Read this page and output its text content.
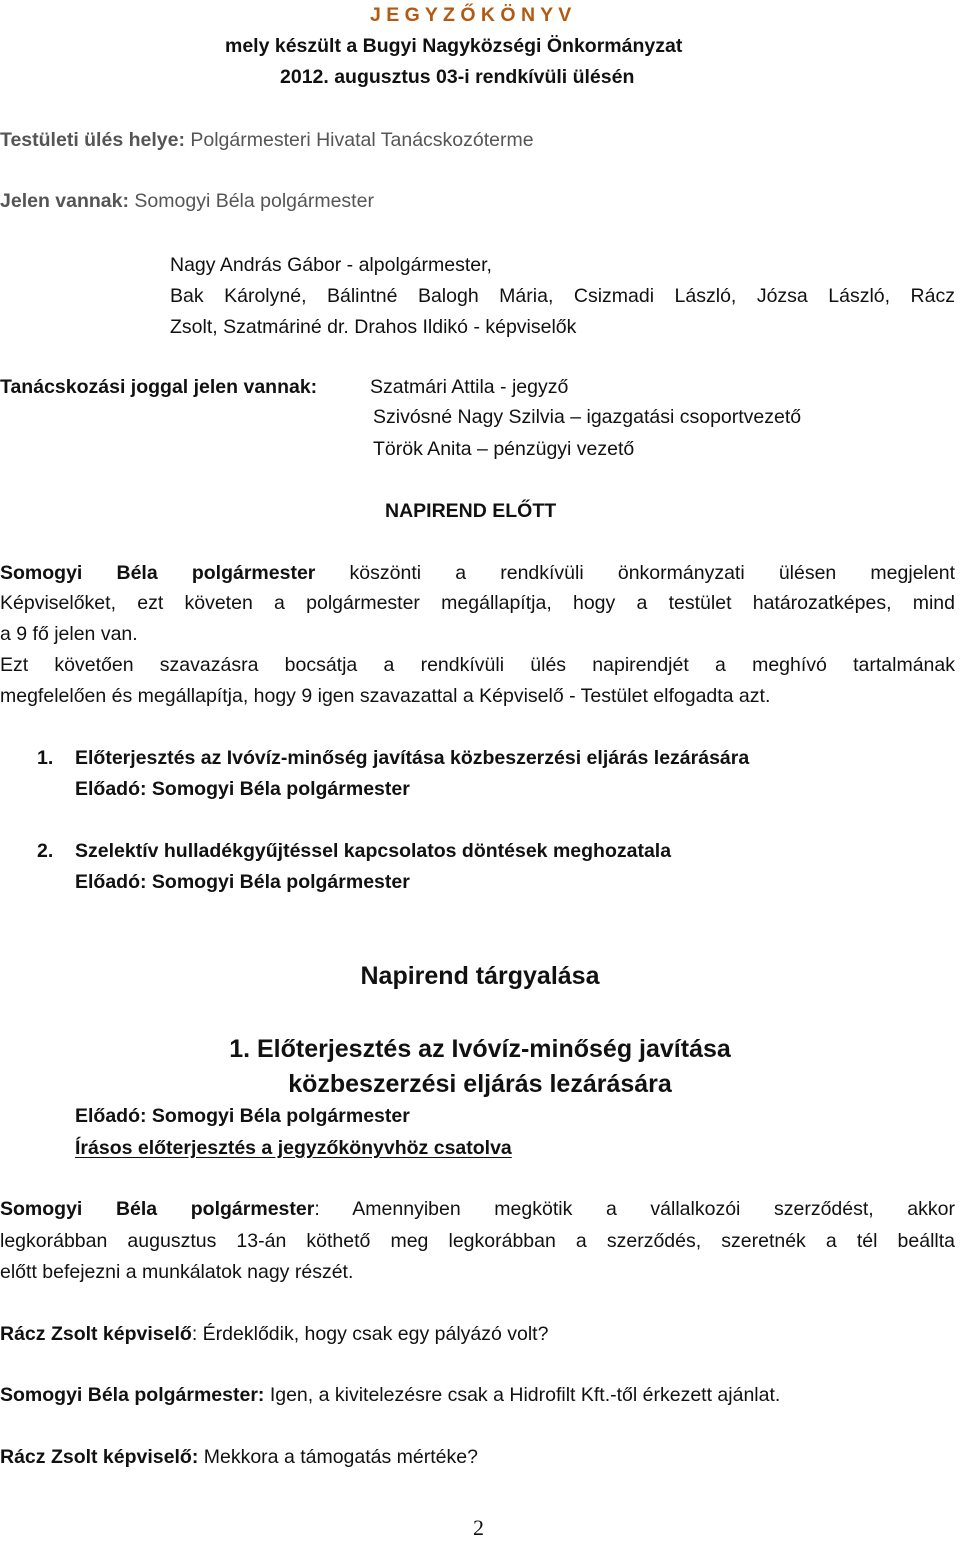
J E G Y Z Ő K Ö N Y V
mely készült a Bugyi Nagyközségi Önkormányzat
2012. augusztus 03-i rendkívüli ülésén
Testületi ülés helye: Polgármesteri Hivatal Tanácskozóterme
Jelen vannak: Somogyi Béla polgármester
Nagy András Gábor - alpolgármester,
Bak Károlyné, Bálintné Balogh Mária, Csizmadi László, Józsa László, Rácz
Zsolt, Szatmáriné dr. Drahos Ildikó - képviselők
Tanácskozási joggal jelen vannak:	Szatmári Attila - jegyző
Szivósné Nagy Szilvia – igazgatási csoportvezető
Török Anita – pénzügyi vezető
NAPIREND ELŐTT
Somogyi Béla polgármester köszönti a rendkívüli önkormányzati ülésen megjelent
Képviselőket, ezt követen a polgármester megállapítja, hogy a testület határozatképes, mind
a 9 fő jelen van.
Ezt követően szavazásra bocsátja a rendkívüli ülés napirendjét a meghívó tartalmának
megfelelően és megállapítja, hogy 9 igen szavazattal a Képviselő - Testület elfogadta azt.
1. Előterjesztés az Ivóvíz-minőség javítása közbeszerzési eljárás lezárására
Előadó: Somogyi Béla polgármester
2. Szelektív hulladékgyűjtéssel kapcsolatos döntések meghozatala
Előadó: Somogyi Béla polgármester
Napirend tárgyalása
1. Előterjesztés az Ivóvíz-minőség javítása
közbeszerzési eljárás lezárására
Előadó: Somogyi Béla polgármester
Írásos előterjesztés a jegyzőkönyvhöz csatolva
Somogyi Béla polgármester: Amennyiben megkötik a vállalkozói szerződést, akkor
legkorábban augusztus 13-án köthető meg legkorábban a szerződés, szeretnék a tél beállta
előtt befejezni a munkálatok nagy részét.
Rácz Zsolt képviselő: Érdeklődik, hogy csak egy pályázó volt?
Somogyi Béla polgármester: Igen, a kivitelezésre csak a Hidrofilt Kft.-től érkezett ajánlat.
Rácz Zsolt képviselő: Mekkora a támogatás mértéke?
2
